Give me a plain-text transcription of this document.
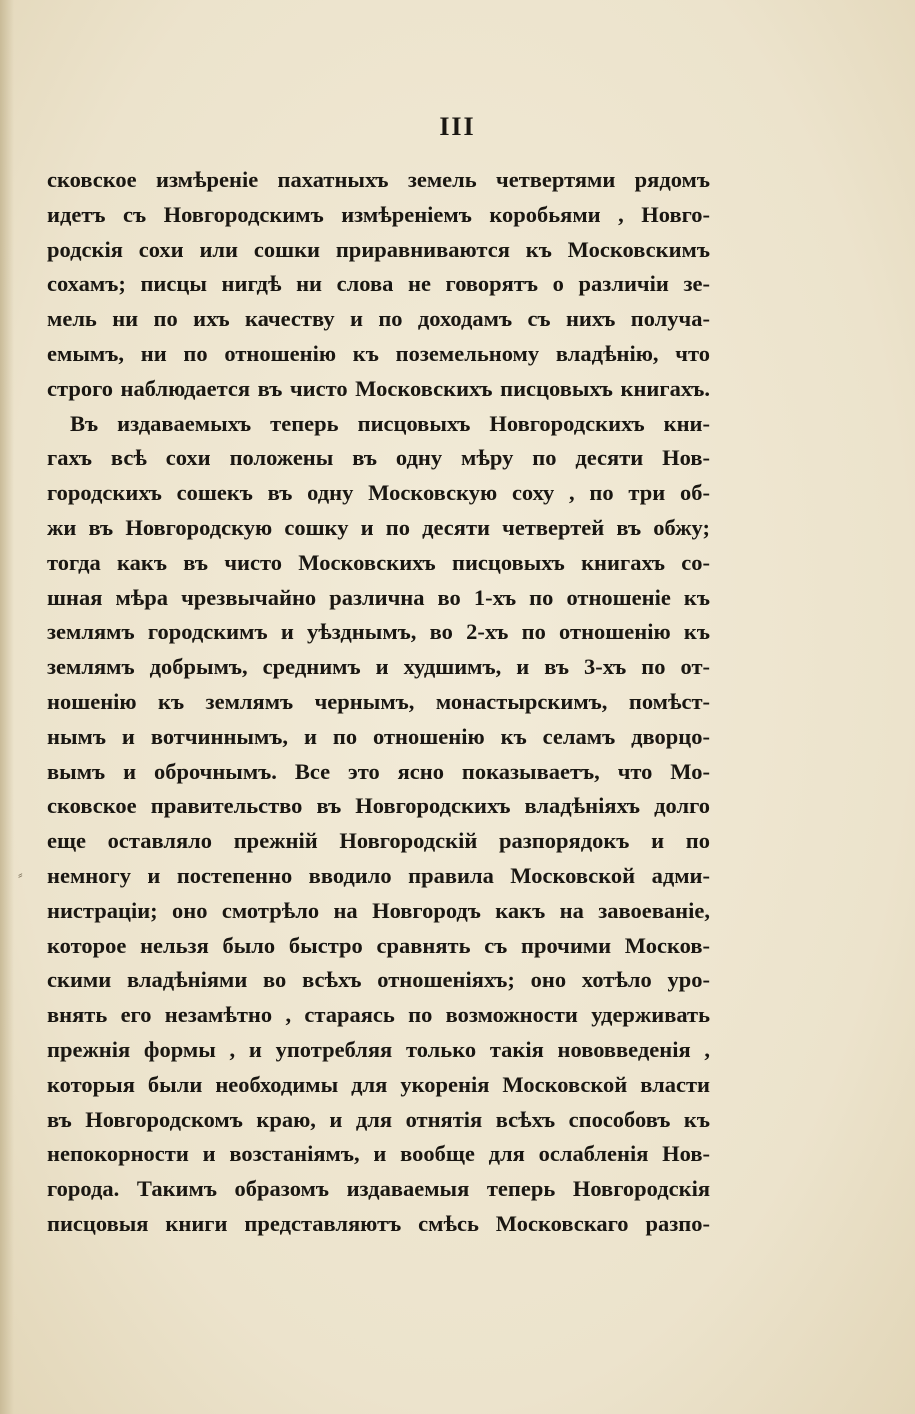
III
сковское измѣреніе пахатныхъ земель четвертями рядомъ
идетъ съ Новгородскимъ измѣреніемъ коробьями , Новго-
родскія сохи или сошки приравниваются къ Московскимъ
сохамъ; писцы нигдѣ ни слова не говорятъ о различіи зе-
мель ни по ихъ качеству и по доходамъ съ нихъ получа-
емымъ, ни по отношенію къ поземельному владѣнію, что
строго наблюдается въ чисто Московскихъ писцовыхъ книгахъ.
Въ издаваемыхъ теперь писцовыхъ Новгородскихъ кни-
гахъ всѣ сохи положены въ одну мѣру по десяти Нов-
городскихъ сошекъ въ одну Московскую соху , по три об-
жи въ Новгородскую сошку и по десяти четвертей въ обжу;
тогда какъ въ чисто Московскихъ писцовыхъ книгахъ со-
шная мѣра чрезвычайно различна во 1-хъ по отношеніе къ
землямъ городскимъ и уѣзднымъ, во 2-хъ по отношенію къ
землямъ добрымъ, среднимъ и худшимъ, и въ 3-хъ по от-
ношенію къ землямъ чернымъ, монастырскимъ, помѣст-
нымъ и вотчиннымъ, и по отношенію къ селамъ дворцо-
вымъ и оброчнымъ. Все это ясно показываетъ, что Мо-
сковское правительство въ Новгородскихъ владѣніяхъ долго
еще оставляло прежній Новгородскій разпорядокъ и по
немногу и постепенно вводило правила Московской адми-
нистраціи; оно смотрѣло на Новгородъ какъ на завоеваніе,
которое нельзя было быстро сравнять съ прочими Москов-
скими владѣніями во всѣхъ отношеніяхъ; оно хотѣло уро-
внять его незамѣтно , стараясь по возможности удерживать
прежнія формы , и употребляя только такія нововведенія ,
которыя были необходимы для укоренія Московской власти
въ Новгородскомъ краю, и для отнятія всѣхъ способовъ къ
непокорности и возстаніямъ, и вообще для ослабленія Нов-
города. Такимъ образомъ издаваемыя теперь Новгородскія
писцовыя книги представляютъ смѣсь Московскаго разпо-
⸗
